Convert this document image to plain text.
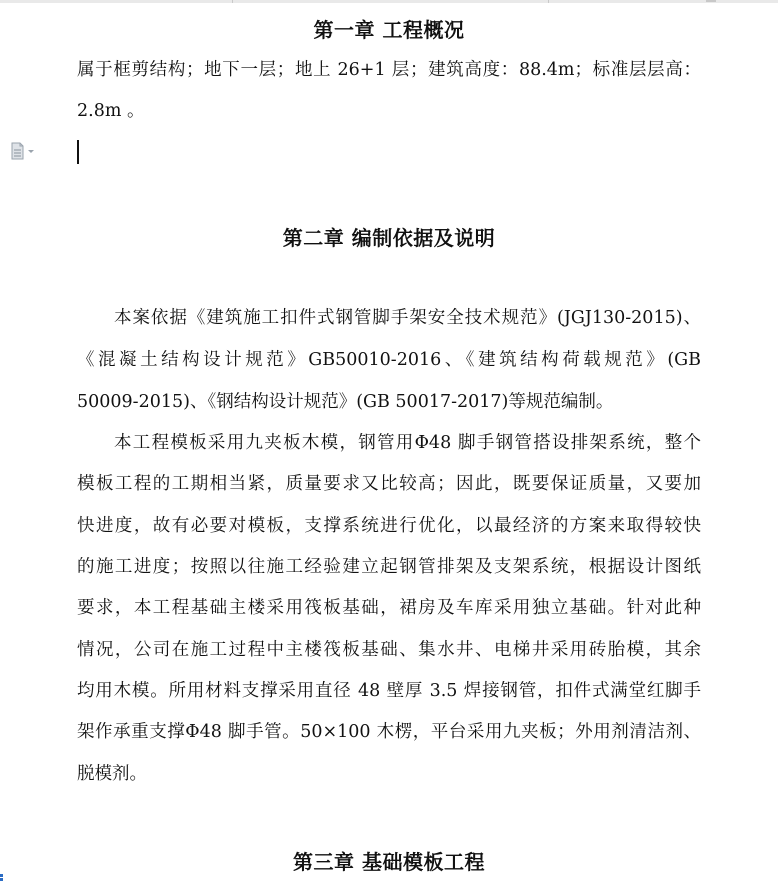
第一章 工程概况
属于框剪结构；地下一层；地上 26+1 层；建筑高度：88.4m；标准层层高：
2.8m 。
第二章 编制依据及说明
本案依据《建筑施工扣件式钢管脚手架安全技术规范》(JGJ130-2015)、
《混凝土结构设计规范》GB50010-2016、《建筑结构荷载规范》(GB
50009-2015)、《钢结构设计规范》(GB 50017-2017)等规范编制。
本工程模板采用九夹板木模，钢管用Φ48 脚手钢管搭设排架系统，整个
模板工程的工期相当紧，质量要求又比较高；因此，既要保证质量，又要加
快进度，故有必要对模板，支撑系统进行优化，以最经济的方案来取得较快
的施工进度；按照以往施工经验建立起钢管排架及支架系统，根据设计图纸
要求，本工程基础主楼采用筏板基础，裙房及车库采用独立基础。针对此种
情况，公司在施工过程中主楼筏板基础、集水井、电梯井采用砖胎模，其余
均用木模。所用材料支撑采用直径 48 壁厚 3.5 焊接钢管，扣件式满堂红脚手
架作承重支撑Φ48 脚手管。50×100 木楞，平台采用九夹板；外用剂清洁剂、
脱模剂。
第三章 基础模板工程
